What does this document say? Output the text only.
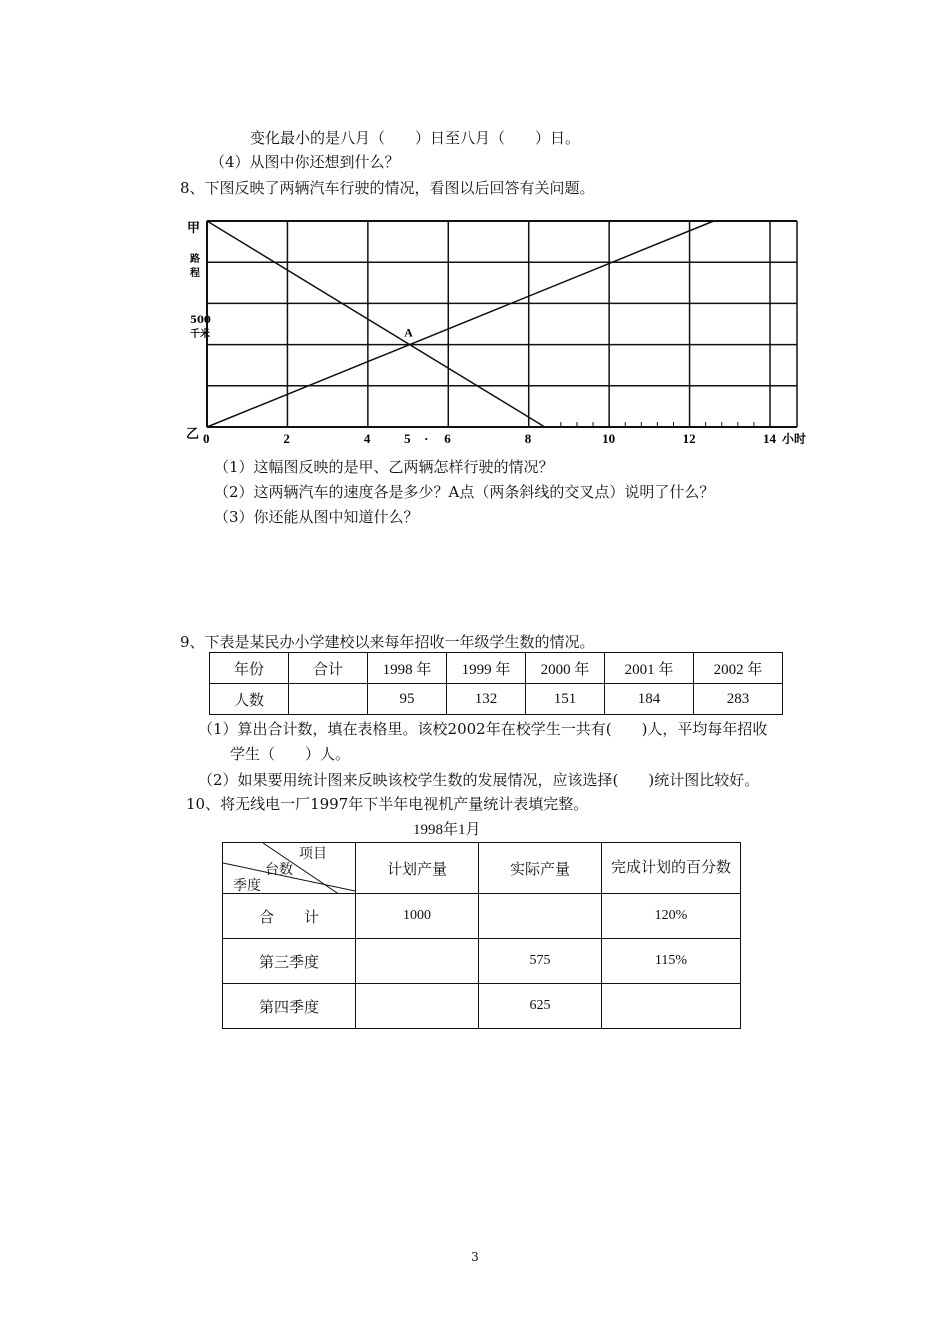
变化最小的是八月（　　）日至八月（　　）日。
（4）从图中你还想到什么？
8、下图反映了两辆汽车行驶的情况，看图以后回答有关问题。
A
甲
乙
路
程
500
千米
0	2	4	5 · 6	8	10	12	14 小时
（1）这幅图反映的是甲、乙两辆怎样行驶的情况？
（2）这两辆汽车的速度各是多少？A点（两条斜线的交叉点）说明了什么？
（3）你还能从图中知道什么？
9、下表是某民办小学建校以来每年招收一年级学生数的情况。
年份	合计	1998 年	1999 年	2000 年	2001 年	2002 年
人数		95	132	151	184	283
（1）算出合计数，填在表格里。该校2002年在校学生一共有(　　)人，平均每年招收
学生（　　）人。
（2）如果要用统计图来反映该校学生数的发展情况，应该选择(　　)统计图比较好。
10、将无线电一厂1997年下半年电视机产量统计表填完整。
1998年1月
项目
台数
季度	计划产量	实际产量	完成计划的百分数
合　　计	1000		120%
第三季度		575	115%
第四季度		625	
3
